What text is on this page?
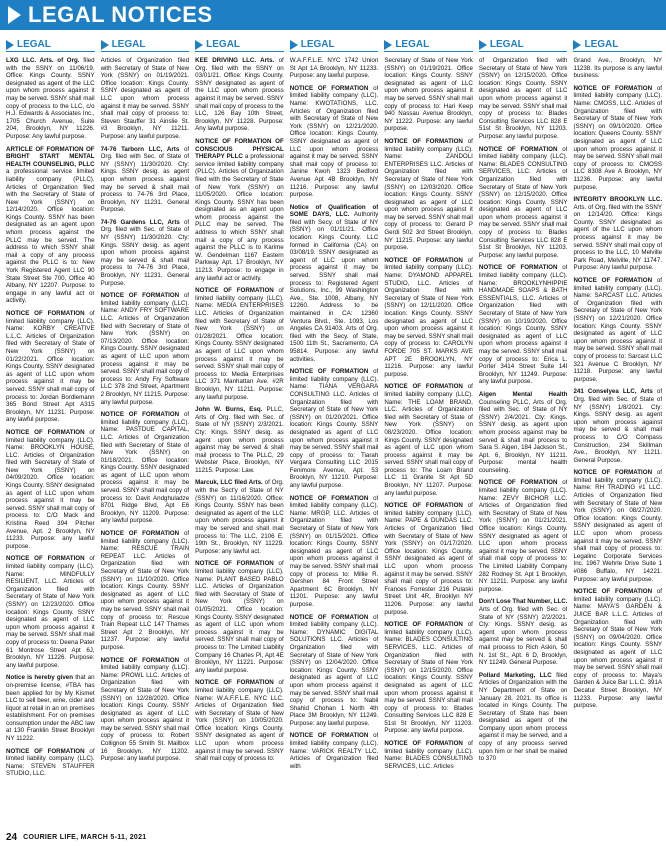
LEGAL NOTICES
LEGAL
LXG LLC. Arts. of Org. filed with the SSNY on 11/06/19. Office: Kings County. SSNY designated as agent of the LLC upon whom process against it may be served. SSNY shall mail copy of process to the LLC, c/o H.J. Edwards & Associates Inc., 1705 Church Avenue, Suite 204, Brooklyn, NY 11226. Purpose: Any lawful purpose.
ARTICLE OF FORMATION OF BRIGHT START MENTAL HEALTH COUNSELING, PLLC a professional service limited liability company (PLLC). Articles of Organization filed with the Secretary of State of New York (SSNY) on 12/14/2020. Office location: Kings County. SSNY has been designated as an agent upon whom process against the PLLC may be served. The address to which SSNY shall mail a copy of any process against the PLLC is to: New York Registered Agent LLC 90 State Street Ste 700, Office 40 Albany, NY 12207. Purpose: to engage in any lawful act or activity.
NOTICE OF FORMATION of limited liability company (LLC). Name: KORBY CREATIVE L.L.C. Articles of Organization filed with Secretary of State of New York (SSNY) on 01/22/2021. Office location: Kings County. SSNY designated as agent of LLC upon whom process against it may be served. SSNY shall mail copy of process to: Jordan Bordlemann 365 Bond Street Apt A315 Brooklyn, NY 11231. Purpose: any lawful purpose.
NOTICE OF FORMATION of limited liability company (LLC). Name: BROOKLYN HOUSE, LLC. Articles of Organization filed with Secretary of State of New York (SSNY) on 04/09/2020. Office location: Kings County. SSNY designated as agent of LLC upon whom process against it may be served. SSNY shall mail copy of process to: C/O Mack and Kristina Reed 394 Pitcher Avenue, Apt. 2 Brooklyn, NY 11233. Purpose: any lawful purpose.
NOTICE OF FORMATION of limited liability company (LLC). Name: MINDFULLY RESILIENT, LLC. Articles of Organization filed with Secretary of State of New York (SSNY) on 12/23/2020. Office location: Kings County. SSNY designated as agent of LLC upon whom process against it may be served. SSNY shall mail copy of process to: Deena Pater 61 Montrose Street Apt 6J, Brooklyn, NY 11226. Purpose: any lawful purpose.
Notice is hereby given that an on-premise license, #TBA has been applied for by My Kismet LLC to sell beer, wine, cider and liquor at retail in an on premises establishment. For on premises consumption under the ABC law at 130 Franklin Street Brooklyn NY 11222.
NOTICE OF FORMATION of limited liability company (LLC). Name: STEVEN STAUFFER STUDIO, LLC.
LEGAL
Articles of Organization filed with Secretary of State of New York (SSNY) on 01/19/2021. Office location: Kings County. SSNY designated as agent of LLC upon whom process against it may be served. SSNY shall mail copy of process to: Steven Stauffer 31 Ainslie St. #3 Brooklyn, NY 11211. Purpose: any lawful purpose.
74-76 Tarborn LLC, Arts of Org. filed with Sec. of State of NY (SSNY) 11/30/2020. Cty: Kings. SSNY desig. as agent upon whom process against may be served & shall mail process to 74-76 3rd Place, Brooklyn, NY 11231. General Purpose.
74-76 Gardens LLC, Arts of Org. filed with Sec. of State of NY (SSNY) 11/30/2020. Cty: Kings. SSNY desig. as agent upon whom process against may be served & shall mail process to 74-76 3rd Place, Brooklyn, NY 11231. General Purpose.
NOTICE OF FORMATION of limited liability company (LLC). Name: ANDY FRY SOFTWARE LLC. Articles of Organization filed with Secretary of State of New York (SSNY) on 07/13/2020. Office location: Kings County. SSNY designated as agent of LLC upon whom process against it may be served. SSNY shall mail copy of process to: Andy Fry Software LLC 378 2nd Street, Apartment 2 Brooklyn, NY 11215. Purpose: any lawful purpose.
NOTICE OF FORMATION of limited liability company (LLC). Name: PASTDUE CAPITAL, LLC. Articles of Organization filed with Secretary of State of New York (SSNY) on 01/18/2021. Office location: Kings County. SSNY designated as agent of LLC upon whom process against it may be served. SSNY shall mail copy of process to: Davit Andghuladze 8701 Ridge Blvd, Apt E6 Brooklyn, NY 11209. Purpose: any lawful purpose.
NOTICE OF FORMATION of limited liability company (LLC). Name: RESCUE TRAIN REPEAT LLC. Articles of Organization filed with Secretary of State of New York (SSNY) on 11/10/2020. Office location: Kings County. SSNY designated as agent of LLC upon whom process against it may be served. SSNY shall mail copy of process to: Rescue Train Repeat LLC 147 Thames Street Apt 2 Brooklyn, NY 11237. Purpose: any lawful purpose.
NOTICE OF FORMATION of limited liability company (LLC). Name: PROWL LLC. Articles of Organization filed with Secretary of State of New York (SSNY) on 12/28/2020. Office location: Kings County. SSNY designated as agent of LLC upon whom process against it may be served. SSNY shall mail copy of process to: Robert Collignon 55 Smith St. Mailbox 16 Brooklyn, NY 11202. Purpose: any lawful purpose.
LEGAL
KEE DRIVING LLC. Arts. of Org. filed with the SSNY on 03/01/21. Office: Kings County. SSNY designated as agent of the LLC upon whom process against it may be served. SSNY shall mail copy of process to the LLC, 126 Bay 10th Street, Brooklyn, NY 11228. Purpose: Any lawful purpose.
NOTICE OF FORMATION OF CONSCIOUS PHYSICAL THERAPY PLLC a professional service limited liability company (PLLC). Articles of Organization filed with the Secretary of State of New York (SSNY) on 11/05/2020. Office location: Kings County. SSNY has been designated as an agent upon whom process against the PLLC may be served. The address to which SSNY shall mail a copy of any process against the PLLC is to Karime W. Gendelman 1167 Eastern Parkway Apt. 17 Brooklyn, NY 11213. Purpose: to engage in any lawful act or activity.
NOTICE OF FORMATION of limited liability company (LLC). Name: MEDIA ENTERPRISES LLC. Articles of Organization filed with Secretary of State of New York (SSNY) on 01/28/2021. Office location: Kings County. SSNY designated as agent of LLC upon whom process against it may be served. SSNY shall mail copy of process to: Media Enterprises LLC 371 Manhattan Ave. #2R Brooklyn, NY 11211. Purpose: any lawful purpose.
John W. Burns, Esq. PLLC, Arts of Org. filed with Sec. of State of NY (SSNY) 2/3/2021. Cty: Kings. SSNY desig. as agent upon whom process against may be served & shall mail process to The PLLC, 29 Webster Place, Brooklyn, NY 11215. Purpose: Law.
Marcuk, LLC filed Arts. of Org. with the Sect'y of State of NY (SSNY) on 11/16/2020. Office: Kings County. SSNY has been designated as agent of the LLC upon whom process against it may be served and shall mail process to: The LLC, 2106 E. 19th St., Brooklyn, NY 11229. Purpose: any lawful act.
NOTICE OF FORMATION of limited liability company (LLC). Name: PLANT BASED PABLO LLC. Articles of Organization filed with Secretary of State of New York (SSNY) on 01/05/2021. Office location: Kings County. SSNY designated as agent of LLC upon whom process against it may be served. SSNY shall mail copy of process to: The Limited Liability Company 16 Charles Pl, Apt 4E Brooklyn, NY 11221. Purpose: any lawful purpose.
NOTICE OF FORMATION of limited liability company (LLC). Name: W.A.F.F.L.E. NYC LLC. Articles of Organization filed with Secretary of State of New York (SSNY) on 10/05/2020. Office location: Kings County. SSNY designated as agent of LLC upon whom process against it may be served. SSNY shall mail copy of process to:
LEGAL
W.A.F.F.L.E. NYC 1742 Union St Apt 1A Brooklyn, NY 11233. Purpose: any lawful purpose.
NOTICE OF FORMATION of limited liability company (LLC). Name: KWOTATIONS, LLC. Articles of Organization filed with Secretary of State of New York (SSNY) on 12/21/2020. Office location: Kings County. SSNY designated as agent of LLC upon whom process against it may be served. SSNY shall mail copy of process to: Janine Kwoh 1323 Bedford Avenue Apt 4B Brooklyn, NY 11216. Purpose: any lawful purpose.
Notice of Qualification of SOME DAYS, LLC. Authority filed with Secy. of State of NY (SSNY) on 01/11/21. Office location: Kings County. LLC formed in California (CA) on 03/08/19. SSNY designated as agent of LLC upon whom process against it may be served. SSNY shall mail process to: Registered Agent Solutions, Inc., 99 Washington Ave., Ste. 1008, Albany, NY 12260. Address to be maintained in CA: 12360 Ventura Blvd., Ste. 1093, Los Angeles CA 91403. Arts of Org. filed with the Secy. of State, 1500 11th St., Sacramento, CA 95814. Purpose: any lawful activities.
NOTICE OF FORMATION of limited liability company (LLC). Name: TIANA VERGARA CONSULTING LLC. Articles of Organization filed with Secretary of State of New York (SSNY) on 01/20/2021. Office location: Kings County. SSNY designated as agent of LLC upon whom process against it may be served. SSNY shall mail copy of process to: Tiarah Vergara Consulting LLC 2015 Fenimore Avenue, Apt. 53 Brooklyn, NY 11210. Purpose: any lawful purpose.
NOTICE OF FORMATION of limited liability company (LLC). Name: MRGP, LLC. Articles of Organization filed with Secretary of State of New York (SSNY) on 01/15/2021. Office location: Kings County. SSNY designated as agent of LLC upon whom process against it may be served. SSNY shall mail copy of process to: Millie R. Gershen 84 Front Street Apartment 6C Brooklyn, NY 11201. Purpose: any lawful purpose.
NOTICE OF FORMATION of limited liability company (LLC). Name: DYNAMIC DIGITAL SOLUTIONS LLC. Articles of Organization filed with Secretary of State of New York (SSNY) on 12/04/2020. Office location: Kings County. SSNY designated as agent of LLC upon whom process against it may be served. SSNY shall mail copy of process to: Nabil Shahid Chohan 1 North 4th Place 3M Brooklyn, NY 11249. Purpose: any lawful purpose.
NOTICE OF FORMATION of limited liability company (LLC). Name: VARICK REALTY LLC. Articles of Organization filed with
LEGAL
Secretary of State of New York (SSNY) on 01/19/2021. Office location: Kings County. SSNY designated as agent of LLC upon whom process against it may be served. SSNY shall mail copy of process to: Hari Keep 940 Nassau Avenue Brooklyn, NY 11222. Purpose: any lawful purpose.
NOTICE OF FORMATION of limited liability company (LLC). Name: ZANDOLI ENTERPRISES LLC. Articles of Organization filed with Secretary of State of New York (SSNY) on 12/03/2020. Office location: Kings County. SSNY designated as agent of LLC upon whom process against it may be served. SSNY shall mail copy of process to: Gerard P Gerdi 502 3rd Street Brooklyn, NY 11215. Purpose: any lawful purpose.
NOTICE OF FORMATION of limited liability company (LLC). Name: DYAMOND APPAREL STUDIO, LLC. Articles of Organization filed with Secretary of State of New York (SSNY) on 12/11/2020. Office location: Kings County. SSNY designated as agent of LLC upon whom process against it may be served. SSNY shall mail copy of process to: CAROLYN FORDE 705 ST. MARKS AVE APT 2E BROOKLYN, NY 11216. Purpose: any lawful purpose.
NOTICE OF FORMATION of limited liability company (LLC). Name: THE LOAM BRAND, LLC. Articles of Organization filed with Secretary of State of New York (SSNY) on 08/23/2020. Office location: Kings County. SSNY designated as agent of LLC upon whom process against it may be served. SSNY shall mail copy of process to: The Loam Brand LLC 11 Granite St Apt 5D Brooklyn, NY 11207. Purpose: any lawful purpose.
NOTICE OF FORMATION of limited liability company (LLC). Name: PAPE & DUNDAS LLC. Articles of Organization filed with Secretary of State of New York (SSNY) on 01/17/2020. Office location: Kings County. SSNY designated as agent of LLC upon whom process against it may be served. SSNY shall mail copy of process to: Frances Forrester 216 Pulaski Street Unit 4R, Brooklyn NY 11206. Purpose: any lawful purpose.
NOTICE OF FORMATION of limited liability company (LLC). Name: BLADES CONSULTING SERVICES, LLC. Articles of Organization filed with Secretary of State of New York (SSNY) on 12/15/2020. Office location: Kings County. SSNY designated as agent of LLC upon whom process against it may be served. SSNY shall mail copy of process to: Blades Consulting Services LLC 828 E 51st St Brooklyn, NY 11203. Purpose: any lawful purpose.
NOTICE OF FORMATION of limited liability company (LLC). Name: BLADES CONSULTING SERVICES, LLC. Articles
LEGAL
of Organization filed with Secretary of State of New York (SSNY) on 12/15/2020. Office location: Kings County. SSNY designated as agent of LLC upon whom process against it may be served. SSNY shall mail copy of process to: Blades Consulting Services LLC 828 E 51st St Brooklyn, NY 11203. Purpose: any lawful purpose.
NOTICE OF FORMATION of limited liability company (LLC). Name: BLADES CONSULTING SERVICES, LLC. Articles of Organization filed with Secretary of State of New York (SSNY) on 12/15/2020. Office location: Kings County. SSNY designated as agent of LLC upon whom process against it may be served. SSNY shall mail copy of process to: Blades Consulting Services LLC 828 E 51st St Brooklyn, NY 11203. Purpose: any lawful purpose.
NOTICE OF FORMATION of limited liability company (LLC). Name: BROOKLYNHIPPIE HANDMADE SOAPS & BATH ESSENTIALS, LLC. Articles of Organization filed with Secretary of State of New York (SSNY) on 10/19/2020. Office location: Kings County. SSNY designated as agent of LLC upon whom process against it may be served. SSNY shall mail copy of process to: Erica L. Porter 3414 Street Suite 14I Brooklyn, NY 11249. Purpose: any lawful purpose.
Aigen Mental Health Counseling PLLC, Arts of Org. filed with Sec. of State of NY (SSNY) 2/4/2021. Cty: Kings. SSNY desig. as agent upon whom process against may be served & shall mail process to Sara S. Aigen, 184 Jackson St., Apt. 6, Brooklyn, NY 11211. Purpose: mental health counseling.
NOTICE OF FORMATION of limited liability company (LLC). Name: ZEVY BICHOR LLC. Articles of Organization filed with Secretary of State of New York (SSNY) on 01/21/2021. Office location: Kings County. SSNY designated as agent of LLC upon whom process against it may be served. SSNY shall mail copy of process to: The Limited Liability Company 282 Rodney St. Apt 1 Brooklyn, NY 11211. Purpose: any lawful purpose.
Don't Lose That Number, LLC. Arts of Org. filed with Sec. of State of NY (SSNY) 2/2/2021. Cty: Kings. SSNY desig. as agent upon whom process against may be served & shall mail process to Rich Askin, 50 N. 1st St., Apt. 6 D, Brooklyn, NY 11249. General Purpose.
Pollard Marketing, LLC filed Articles of Organization with the NY Department of State on January 28, 2021. Its office is located in Kings County. The Secretary of State has been designated as agent of the Company upon whom process against it may be served, and a copy of any process served upon him or her shall be mailed to 370
LEGAL
Grand Ave., Brooklyn, NY 11238. Its purpose is any lawful business.
NOTICE OF FORMATION of limited liability company (LLC). Name: CMOSS, LLC. Articles of Organization filed with Secretary of State of New York (SSNY) on 09/10/2020. Office location: Queens County. SSNY designated as agent of LLC upon whom process against it may be served. SSNY shall mail copy of process to: CMOSS LLC 8308 Ave A Brooklyn, NY 11236. Purpose: any lawful purpose.
INTEGRITY BROOKLYN LLC. Arts. of Org. filed with the SSNY on 12/14/20. Office: Kings County. SSNY designated as agent of the LLC upon whom process against it may be served. SSNY shall mail copy of process to the LLC, 10 Melville Park Road, Melville, NY 11747. Purpose: Any lawful purpose.
NOTICE OF FORMATION of limited liability company (LLC). Name: SARCAST LLC. Articles of Organization filed with Secretary of State of New York (SSNY) on 12/21/2020. Office location: Kings County. SSNY designated as agent of LLC upon whom process against it may be served. SSNY shall mail copy of process to: Sarcast LLC 321 Avenue C Brooklyn, NY 11218. Purpose: any lawful purpose.
241 Conselyea LLC, Arts of Org. filed with Sec. of State of NY (SSNY) 1/8/2021. Cty: Kings. SSNY desig. as agent upon whom process against may be served & shall mail process to C/O Compass Construction, 234 Skillman Ave., Brooklyn, NY 11211. General Purpose.
NOTICE OF FORMATION of limited liability company (LLC). Name: RH TRADING #1 LLC. Articles of Organization filed with Secretary of State of New York (SSNY) on 08/27/2020. Office location: Kings County. SSNY designated as agent of LLC upon whom process against it may be served. SSNY shall mail copy of process to: Legalinc Corporate Services Inc. 1967 Wehrle Drive Suite 1 #086 Buffalo, NY 14221. Purpose: any lawful purpose.
NOTICE OF FORMATION of limited liability company (LLC). Name: MAYA'S GARDEN & JUICE BAR L.L.C. Articles of Organization filed with Secretary of State of New York (SSNY) on 09/04/2020. Office location: Kings County. SSNY designated as agent of LLC upon whom process against it may be served. SSNY shall mail copy of process to: Maya's Garden & Juice Bar L.L.C. 391A Decatur Street Brooklyn, NY 11233. Purpose: any lawful purpose.
24 COURIER LIFE, MARCH 5-11, 2021
